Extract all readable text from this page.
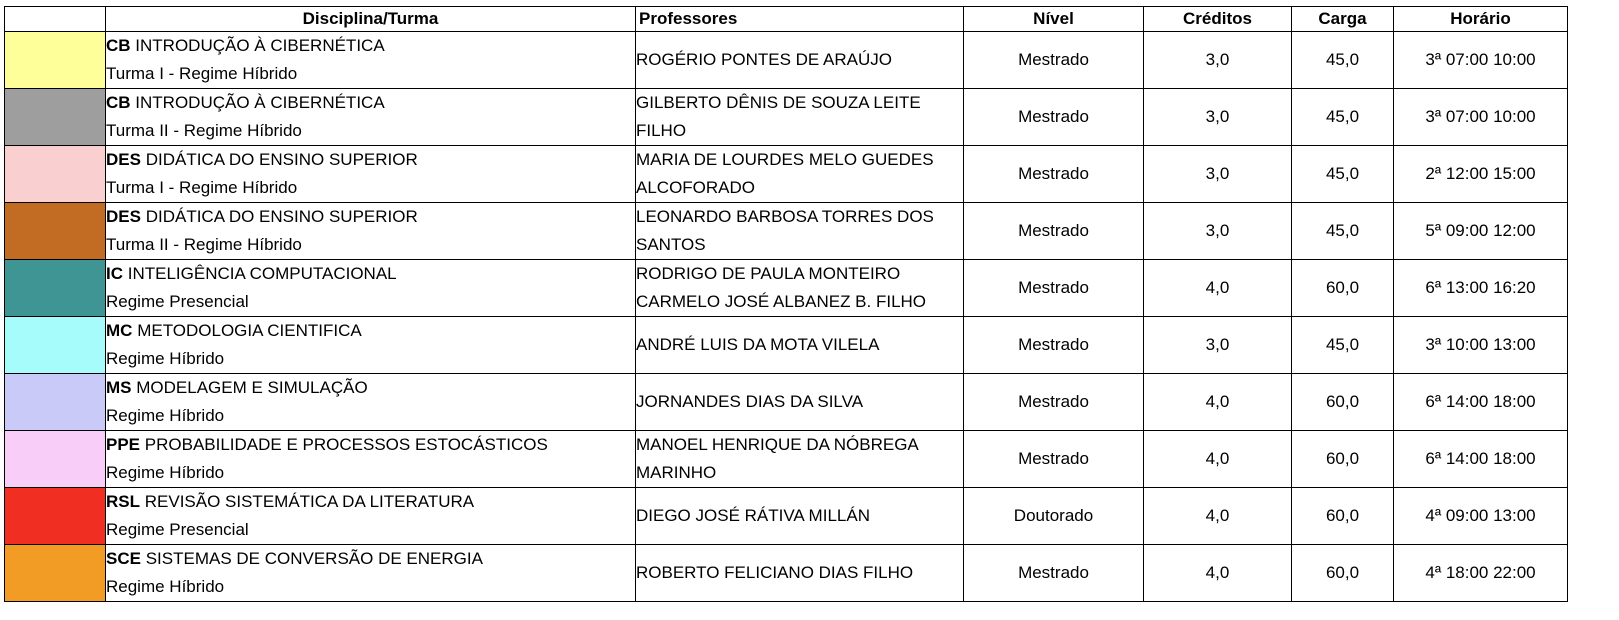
	Disciplina/Turma	Professores	Nível	Créditos	Carga	Horário

	CB INTRODUÇÃO À CIBERNÉTICA
Turma I - Regime Híbrido	ROGÉRIO PONTES DE ARAÚJO	Mestrado	3,0	45,0	3ª 07:00 10:00

	CB INTRODUÇÃO À CIBERNÉTICA
Turma II - Regime Híbrido	GILBERTO DÊNIS DE SOUZA LEITE FILHO	Mestrado	3,0	45,0	3ª 07:00 10:00

	DES DIDÁTICA DO ENSINO SUPERIOR
Turma I - Regime Híbrido	MARIA DE LOURDES MELO GUEDES ALCOFORADO	Mestrado	3,0	45,0	2ª 12:00 15:00

	DES DIDÁTICA DO ENSINO SUPERIOR
Turma II - Regime Híbrido	LEONARDO BARBOSA TORRES DOS SANTOS	Mestrado	3,0	45,0	5ª 09:00 12:00

	IC INTELIGÊNCIA COMPUTACIONAL
Regime Presencial	RODRIGO DE PAULA MONTEIRO CARMELO JOSÉ ALBANEZ B. FILHO	Mestrado	4,0	60,0	6ª 13:00 16:20

	MC METODOLOGIA CIENTIFICA
Regime Híbrido	ANDRÉ LUIS DA MOTA VILELA	Mestrado	3,0	45,0	3ª 10:00 13:00

	MS MODELAGEM E SIMULAÇÃO
Regime Híbrido	JORNANDES DIAS DA SILVA	Mestrado	4,0	60,0	6ª 14:00 18:00

	PPE PROBABILIDADE E PROCESSOS ESTOCÁSTICOS
Regime Híbrido	MANOEL HENRIQUE DA NÓBREGA MARINHO	Mestrado	4,0	60,0	6ª 14:00 18:00

	RSL REVISÃO SISTEMÁTICA DA LITERATURA
Regime Presencial	DIEGO JOSÉ RÁTIVA MILLÁN	Doutorado	4,0	60,0	4ª 09:00 13:00

	SCE SISTEMAS DE CONVERSÃO DE ENERGIA
Regime Híbrido	ROBERTO FELICIANO DIAS FILHO	Mestrado	4,0	60,0	4ª 18:00 22:00
